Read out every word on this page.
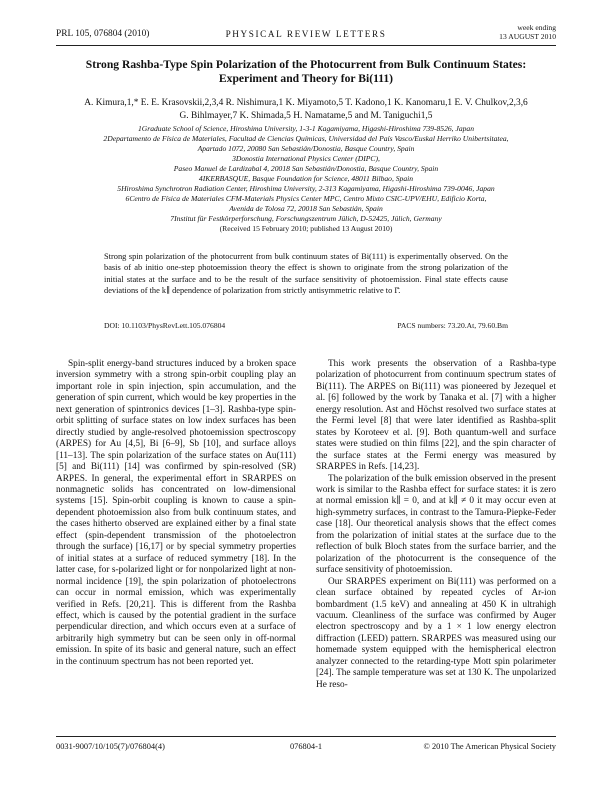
PRL 105, 076804 (2010)	PHYSICAL REVIEW LETTERS
week ending
13 AUGUST 2010
Strong Rashba-Type Spin Polarization of the Photocurrent from Bulk Continuum States: Experiment and Theory for Bi(111)
A. Kimura,1,* E. E. Krasovskii,2,3,4 R. Nishimura,1 K. Miyamoto,5 T. Kadono,1 K. Kanomaru,1 E. V. Chulkov,2,3,6
G. Bihlmayer,7 K. Shimada,5 H. Namatame,5 and M. Taniguchi1,5
1Graduate School of Science, Hiroshima University, 1-3-1 Kagamiyama, Higashi-Hiroshima 739-8526, Japan
2Departamento de Física de Materiales, Facultad de Ciencias Químicas, Universidad del País Vasco/Euskal Herriko Unibertsitatea,
Apartado 1072, 20080 San Sebastián/Donostia, Basque Country, Spain
3Donostia International Physics Center (DIPC),
Paseo Manuel de Lardizabal 4, 20018 San Sebastián/Donostia, Basque Country, Spain
4IKERBASQUE, Basque Foundation for Science, 48011 Bilbao, Spain
5Hiroshima Synchrotron Radiation Center, Hiroshima University, 2-313 Kagamiyama, Higashi-Hiroshima 739-0046, Japan
6Centro de Física de Materiales CFM-Materials Physics Center MPC, Centro Mixto CSIC-UPV/EHU, Edificio Korta,
Avenida de Tolosa 72, 20018 San Sebastián, Spain
7Institut für Festkörperforschung, Forschungszentrum Jülich, D-52425, Jülich, Germany
(Received 15 February 2010; published 13 August 2010)
Strong spin polarization of the photocurrent from bulk continuum states of Bi(111) is experimentally observed. On the basis of ab initio one-step photoemission theory the effect is shown to originate from the strong polarization of the initial states at the surface and to be the result of the surface sensitivity of photoemission. Final state effects cause deviations of the k∥ dependence of polarization from strictly antisymmetric relative to Γ̄.
DOI: 10.1103/PhysRevLett.105.076804	PACS numbers: 73.20.At, 79.60.Bm

Spin-split energy-band structures induced by a broken space inversion symmetry with a strong spin-orbit coupling play an important role in spin injection, spin accumulation, and the generation of spin current, which would be key properties in the next generation of spintronics devices [1–3]. Rashba-type spin-orbit splitting of surface states on low index surfaces has been directly studied by angle-resolved photoemission spectroscopy (ARPES) for Au [4,5], Bi [6–9], Sb [10], and surface alloys [11–13]. The spin polarization of the surface states on Au(111) [5] and Bi(111) [14] was confirmed by spin-resolved (SR) ARPES. In general, the experimental effort in SRARPES on nonmagnetic solids has concentrated on low-dimensional systems [15]. Spin-orbit coupling is known to cause a spin-dependent photoemission also from bulk continuum states, and the cases hitherto observed are explained either by a final state effect (spin-dependent transmission of the photoelectron through the surface) [16,17] or by special symmetry properties of initial states at a surface of reduced symmetry [18]. In the latter case, for s-polarized light or for nonpolarized light at non-normal incidence [19], the spin polarization of photoelectrons can occur in normal emission, which was experimentally verified in Refs. [20,21]. This is different from the Rashba effect, which is caused by the potential gradient in the surface perpendicular direction, and which occurs even at a surface of arbitrarily high symmetry but can be seen only in off-normal emission. In spite of its basic and general nature, such an effect in the continuum spectrum has not been reported yet.

This work presents the observation of a Rashba-type polarization of photocurrent from continuum spectrum states of Bi(111). The ARPES on Bi(111) was pioneered by Jezequel et al. [6] followed by the work by Tanaka et al. [7] with a higher energy resolution. Ast and Höchst resolved two surface states at the Fermi level [8] that were later identified as Rashba-split states by Koroteev et al. [9]. Both quantum-well and surface states were studied on thin films [22], and the spin character of the surface states at the Fermi energy was measured by SRARPES in Refs. [14,23].

The polarization of the bulk emission observed in the present work is similar to the Rashba effect for surface states: it is zero at normal emission k∥ = 0, and at k∥ ≠ 0 it may occur even at high-symmetry surfaces, in contrast to the Tamura-Piepke-Feder case [18]. Our theoretical analysis shows that the effect comes from the polarization of initial states at the surface due to the reflection of bulk Bloch states from the surface barrier, and the polarization of the photocurrent is the consequence of the surface sensitivity of photoemission.

Our SRARPES experiment on Bi(111) was performed on a clean surface obtained by repeated cycles of Ar-ion bombardment (1.5 keV) and annealing at 450 K in ultrahigh vacuum. Cleanliness of the surface was confirmed by Auger electron spectroscopy and by a 1 × 1 low energy electron diffraction (LEED) pattern. SRARPES was measured using our homemade system equipped with the hemispherical electron analyzer connected to the retarding-type Mott spin polarimeter [24]. The sample temperature was set at 130 K. The unpolarized He reso-

0031-9007/10/105(7)/076804(4)	076804-1	© 2010 The American Physical Society
